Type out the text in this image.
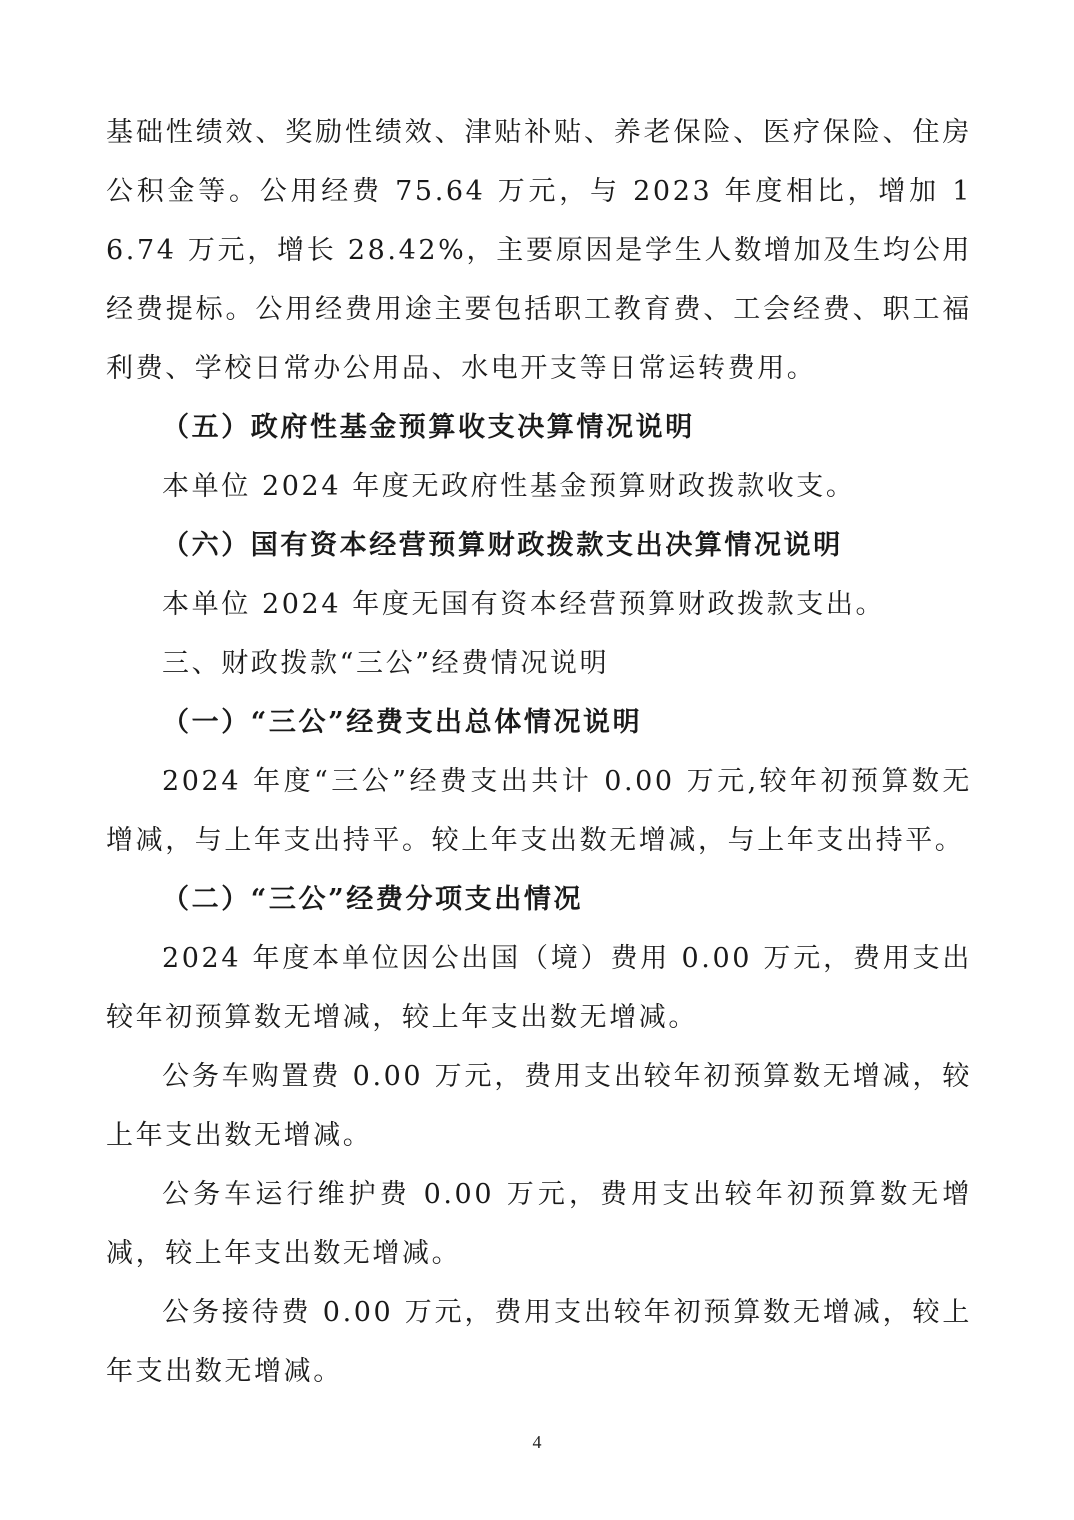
基础性绩效、奖励性绩效、津贴补贴、养老保险、医疗保险、住房公积金等。公用经费 75.64 万元，与 2023 年度相比，增加 16.74 万元，增长 28.42%，主要原因是学生人数增加及生均公用经费提标。公用经费用途主要包括职工教育费、工会经费、职工福利费、学校日常办公用品、水电开支等日常运转费用。

（五）政府性基金预算收支决算情况说明

本单位 2024 年度无政府性基金预算财政拨款收支。

（六）国有资本经营预算财政拨款支出决算情况说明

本单位 2024 年度无国有资本经营预算财政拨款支出。

三、财政拨款“三公”经费情况说明

（一）“三公”经费支出总体情况说明

2024 年度“三公”经费支出共计 0.00 万元,较年初预算数无增减，与上年支出持平。较上年支出数无增减，与上年支出持平。

（二）“三公”经费分项支出情况

2024 年度本单位因公出国（境）费用 0.00 万元，费用支出较年初预算数无增减，较上年支出数无增减。

公务车购置费 0.00 万元，费用支出较年初预算数无增减，较上年支出数无增减。

公务车运行维护费 0.00 万元，费用支出较年初预算数无增减，较上年支出数无增减。

公务接待费 0.00 万元，费用支出较年初预算数无增减，较上年支出数无增减。

4
